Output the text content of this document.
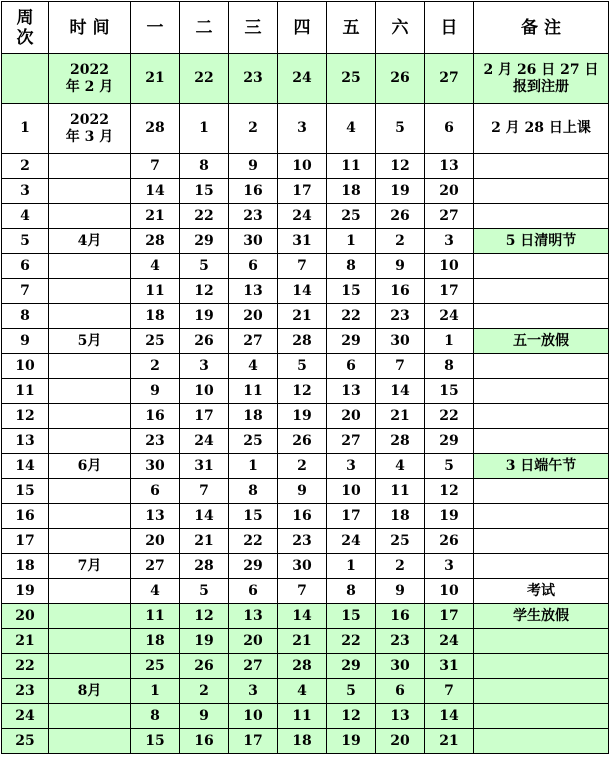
周次	时 间	一	二	三	四	五	六	日	备 注
	2022 年 2 月	21	22	23	24	25	26	27	2 月 26 日 27 日报到注册
1	2022 年 3 月	28	1	2	3	4	5	6	2 月 28 日上课
2		7	8	9	10	11	12	13	
3		14	15	16	17	18	19	20	
4		21	22	23	24	25	26	27	
5	4月	28	29	30	31	1	2	3	5 日清明节
6		4	5	6	7	8	9	10	
7		11	12	13	14	15	16	17	
8		18	19	20	21	22	23	24	
9	5月	25	26	27	28	29	30	1	五一放假
10		2	3	4	5	6	7	8	
11		9	10	11	12	13	14	15	
12		16	17	18	19	20	21	22	
13		23	24	25	26	27	28	29	
14	6月	30	31	1	2	3	4	5	3 日端午节
15		6	7	8	9	10	11	12	
16		13	14	15	16	17	18	19	
17		20	21	22	23	24	25	26	
18	7月	27	28	29	30	1	2	3	
19		4	5	6	7	8	9	10	考试
20		11	12	13	14	15	16	17	学生放假
21		18	19	20	21	22	23	24	
22		25	26	27	28	29	30	31	
23	8月	1	2	3	4	5	6	7	
24		8	9	10	11	12	13	14	
25		15	16	17	18	19	20	21	
